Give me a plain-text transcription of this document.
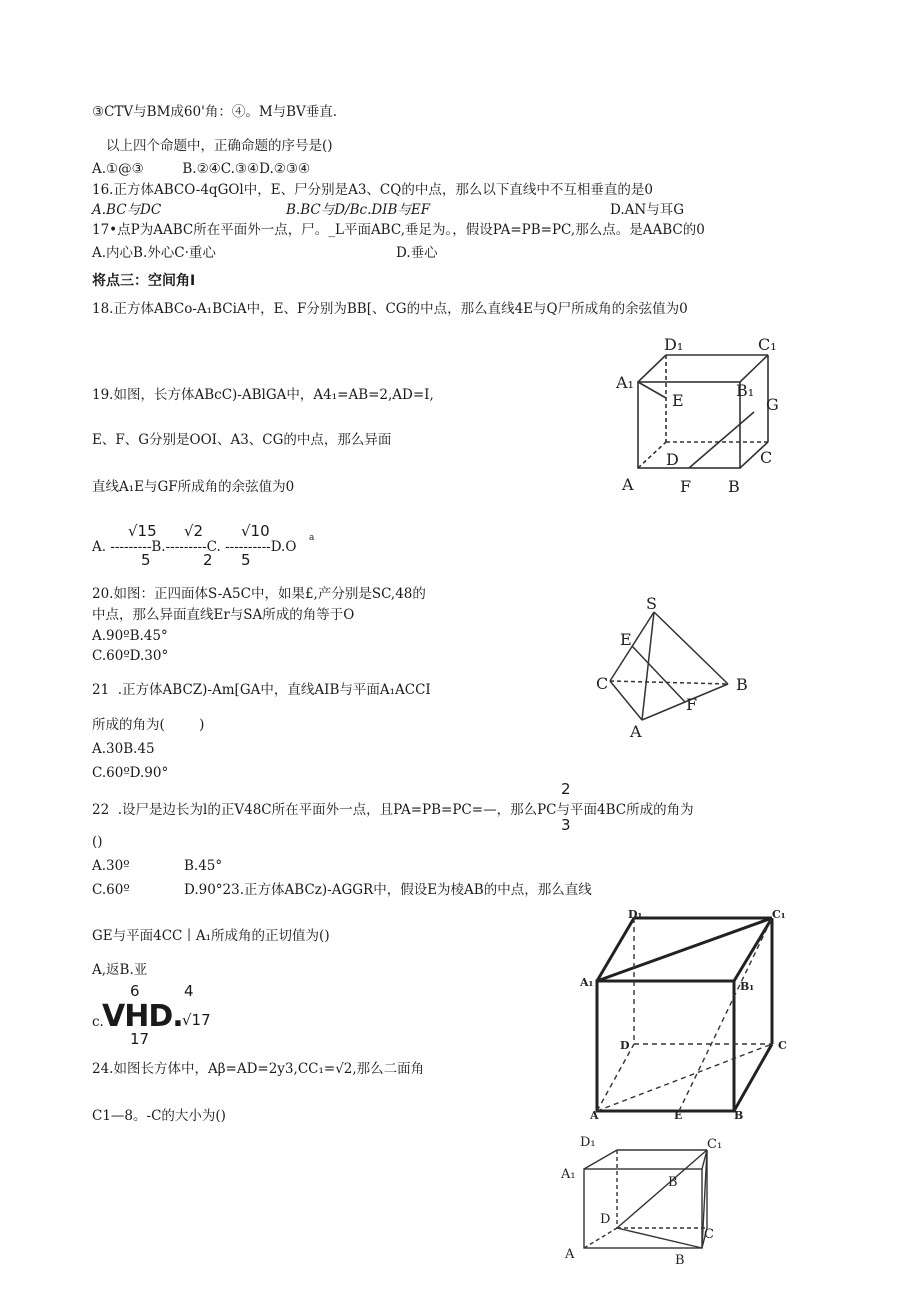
③CTV与BM成60'角：④。M与BV垂直.
以上四个命题中，正确命题的序号是()
A.①@③         B.②④C.③④D.②③④
16.正方体ABCO-4qGOl中，E、尸分别是A3、CQ的中点，那么以下直线中不互相垂直的是0
A.BC与DC	B.BC与D/Bc.DIB与EF	D.AN与耳G
17•点P为AABC所在平面外一点，尸。_L平面ABC,垂足为。，假设PA=PB=PC,那么点。是AABC的0
A.内心B.外心C·重心	D.垂心
将点三：空间角I
18.正方体ABCo-A₁BCiA中，E、F分别为BB[、CG的中点，那么直线4E与Q尸所成角的余弦值为0
19.如图，长方体ABcC)-ABlGA中，A4₁=AB=2,AD=I,
E、F、G分别是OOI、A3、CG的中点，那么异面
直线A₁E与GF所成角的余弦值为0
√15 √2	√10
A. ---------B.---------C. ----------D.O
a
5	2 5
D₁	C₁
A₁	B₁
E	G
D	C
A	F B
20.如图：正四面体S-A5C中，如果£,产分别是SC,48的
中点，那么异面直线Er与SA所成的角等于O
A.90ºB.45°
C.60ºD.30°
S
E
C	B
F
A
21  .正方体ABCZ)-Am[GA中，直线AIB与平面A₁ACCI
所成的角为(        )
A.30B.45
C.60ºD.90°
2
22  .设尸是边长为l的正V48C所在平面外一点，且PA=PB=PC=—，那么PC与平面4BC所成的角为
3
()
A.30º	B.45°
C.60º	D.90°23.正方体ABCz)-AGGR中，假设E为棱AB的中点，那么直线
GE与平面4CC丨A₁所成角的正切值为()
A,返B.亚
6	4
c.
VHD. √17
17
D₁	C₁
A₁	B₁
D	C
A	E	B
24.如图长方体中，Aβ=AD=2y3,CC₁=√2,那么二面角
C1—8。-C的大小为()
D₁	C₁
A₁
B
D
C
A	B
